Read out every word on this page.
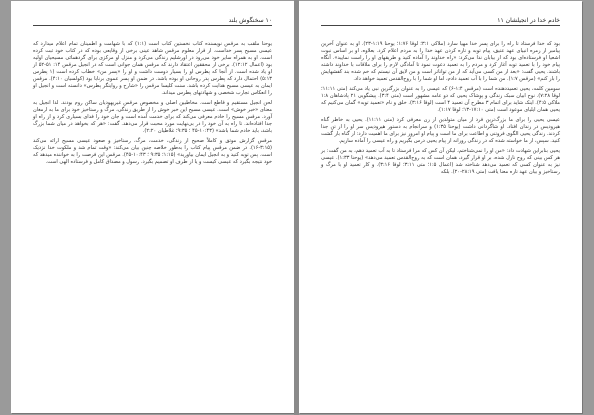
۱۰ سخنگوش بلند

یوحنا ملقب به مرقس نویسنده کتاب نخستین کتاب است (۱:۱) که با شهامت و اطمینان تمام اعلام میدارد که عیسی مسیح پسر خداست. از قرار معلوم مرقس شاهد عینی برخی از وقایعی بوده که در کتاب خود ثبت کرده است. او به همراه سایر خود می‌رود در اورشلیم زندگی می‌کرد و منزل او مرکزی برای گردهمائی مسیحیان اولیه بود (اعمال ۱۲:۱۲). برخی از محققین اعتقاد دارند که مرقس همان جوانی است که در انجیل مرقس ۱۴: ۵۱-۵۲ از او یاد شده است. از آنجا که پطرس او را بسیار دوست داشت و او را «پسر من» خطاب کرده است (۱ پطرس ۵:۱۳) احتمال دارد که پطرس پدر روحانی او بوده باشد. در ضمن او پسر عموی برنابا بود (کولسیان ۴:۱۰). مرقس ایمان به عیسی مسیح هدایت کرده باشد. سنت کلیسا مرقس را «شارح و روایتگر پطرس» دانسته است و انجیل او را انعکاس تجارب شخصی و شهادتهای پطرس میداند.

لحن انجیل مستقیم و قاطع است. مخاطبین اصلی و مخصوص مرقس غیریهودیان ساکن روم بودند. لذا انجیل به معنای «خبر خوش» است. عیسی مسیح این خبر خوش را از طریق زندگی، مرگ و رستاخیز خود برای ما به ارمغان آورد. مرقس مسیح را خادم معرفی می‌کند که برای خدمت آمده است و جان خود را فدای بسیاری کرد و از راه او جدا افتاده‌اند. تا راه به آن خود را در بی‌نهایت مورد محبت قرار می‌دهد. گفت: «هر که بخواهد در میان شما بزرگ باشد، باید خادم شما باشد» (۱۰:۴۳-۴۵ ؛ ۹:۳۵؛ غلاطیان ۲:۲۰).

مرقس گزارش موثق و کاملاً صحیح از زندگی، خدمت، مرگ، رستاخیز و صعود عیسی مسیح ارائه می‌کند (۳:۱۵-۱۶). در ضمن مرقس پیام کتاب را به‌طور خلاصه چنین بیان می‌کند: «وقت تمام شد و ملکوت خدا نزدیک است. پس توبه کنید و به انجیل ایمان بیاورید» (۱:۱۵؛ ۹:۳۵ ؛ ۱۰:۴۳-۴۵). مرقس این فرصت را به خواننده میدهد که خود نتیجه بگیرد که عیسی کیست و یا از طرف او تصمیم بگیرد. رسول و مصداق کامل و فرستاده الهی است.

خادم خدا در انجیلشان ۱۱

بود که خدا فرستاد تا راه را برای پسر خدا مهیا سازد (ملاکی ۳:۱؛ لوقا ۱:۷۶؛ یوحنا ۱:۱۹-۲۳). او به عنوان آخرین پیامبر از زمره انبیای عهد عتیق، پیام توبه و تازه کردن عهد خدا را به مردم اعلام کرد. بعلاوه، او بر اساس نبوت اشعیا او فرستاده‌ای بود که از بیابان ندا می‌کرد: «راه خداوند را آماده کنید و طریقهای او را راست نمایید». آنگاه پیام خود را با تعمید توبه آغاز کرد و مردم را به تعمید دعوت نمود تا آمادگی لازم را برای ملاقات با خداوند داشته باشند. یحیی گفت: «بعد از من کسی می‌آید که از من تواناتر است و من لایق آن نیستم که خم شده بند کفشهایش را باز کنم» (مرقس ۱:۷). من شما را با آب تعمید دادم، اما او شما را با روح‌القدس تعمید خواهد داد.

سومین کلمه، یحیی تعمیددهنده است (مرقس ۱:۴-۶) که عیسی را به عنوان بزرگترین نبی یاد می‌کند (متی ۱۱:۱۱؛ لوقا ۷:۲۸). نوح ابیان سبک زندگی و پوشاک یحیی که دو عامه مشهور است (متی ۳:۴). پیشگویی ۲۱ پادشاهان ۱:۸ ملاکی ۴:۵). اینک شاید برای اتمام ۳ مطرح آن تعمید ۴ است (لوقا ۳:۱۶). خلق و نام «تعمید توبه» گمان می‌کنیم که یحیی همان ایلیای موعود است (متی ۱۷:۱۰-۱۳؛ لوقا ۱:۱۷).

عیسی یحیی را برای ما بزرگ‌ترین فرد از میان متولدین از زن معرفی کرد (متی ۱۱:۱۱). یحیی به خاطر گناه هیرودیس در زندان افتاد. او شاگردانی داشت (یوحنا ۱:۳۵) و سرانجام به دستور هیرودیس سر او را از تن جدا کردند. زندگی یحیی الگوی فروتنی و اطاعت برای ما است و پیام او امروز نیز برای ما اهمیت دارد: از گناه باز گشت کنید. سپس، از ما خواسته شده که در زندگی روزانه از پیام یحیی درس بگیریم و راه عیسی را آماده سازیم.

یحیی بنابراین شهادت داد: «من او را نمی‌شناختم، لیکن آن کس که مرا فرستاد تا به آب تعمید دهم، به من گفت: بر هر کس بینی که روح نازل شده، بر او قرار گیرد، همان است که به روح‌القدس تعمید می‌دهد» (یوحنا ۱:۳۳). عیسی نیز به عنوان کسی که تعمید می‌دهد شناخته شد (اعمال ۱:۵؛ متی ۳:۱۱؛ لوقا ۳:۱۶). و کار تعمید او با مرگ و رستاخیز و بیان عهد تازه معنا یافت (متی ۲۸:۱۹-۲۰). بلکه
